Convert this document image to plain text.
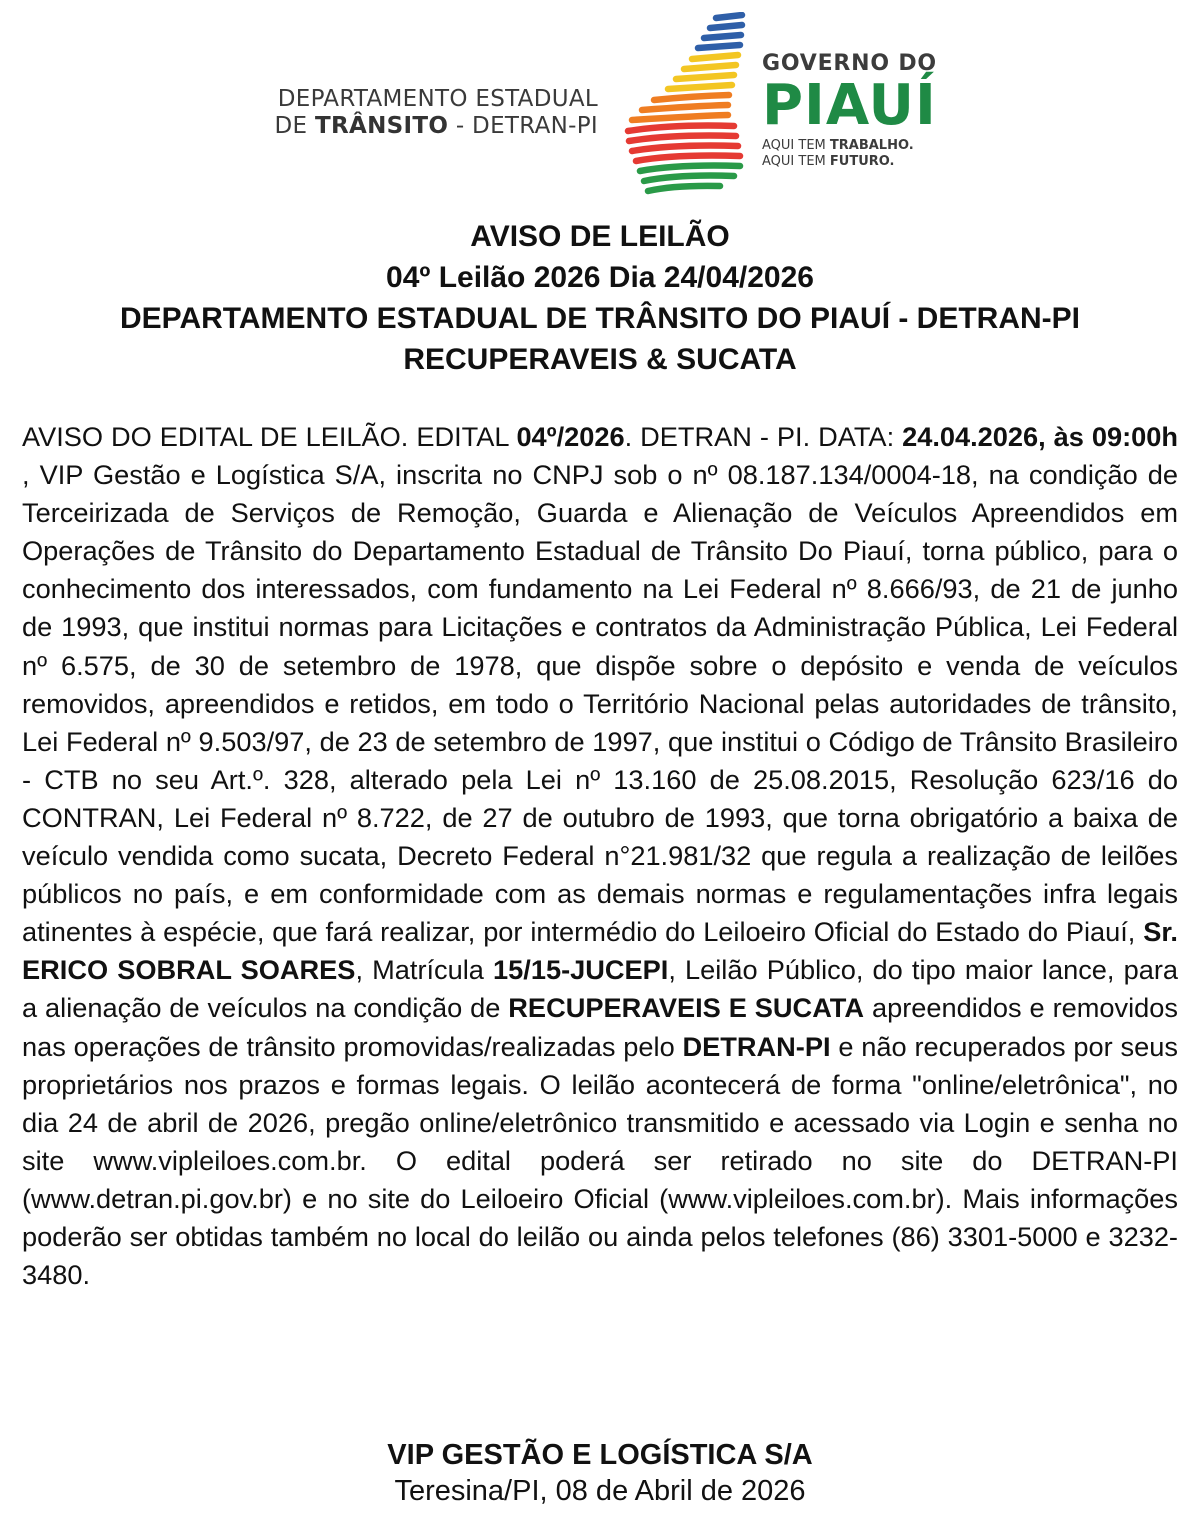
DEPARTAMENTO ESTADUAL
DE TRÂNSITO - DETRAN-PI
GOVERNO DO
PIAUÍ
AQUI TEM TRABALHO.
AQUI TEM FUTURO.
AVISO DE LEILÃO
04º Leilão 2026 Dia 24/04/2026
DEPARTAMENTO ESTADUAL DE TRÂNSITO DO PIAUÍ - DETRAN-PI
RECUPERAVEIS & SUCATA
AVISO DO EDITAL DE LEILÃO. EDITAL 04º/2026. DETRAN - PI. DATA: 24.04.2026, às 09:00h , VIP Gestão e Logística S/A, inscrita no CNPJ sob o nº 08.187.134/0004-18, na condição de Terceirizada de Serviços de Remoção, Guarda e Alienação de Veículos Apreendidos em Operações de Trânsito do Departamento Estadual de Trânsito Do Piauí, torna público, para o conhecimento dos interessados, com fundamento na Lei Federal nº 8.666/93, de 21 de junho de 1993, que institui normas para Licitações e contratos da Administração Pública, Lei Federal nº 6.575, de 30 de setembro de 1978, que dispõe sobre o depósito e venda de veículos removidos, apreendidos e retidos, em todo o Território Nacional pelas autoridades de trânsito, Lei Federal nº 9.503/97, de 23 de setembro de 1997, que institui o Código de Trânsito Brasileiro - CTB no seu Art.º. 328, alterado pela Lei nº 13.160 de 25.08.2015, Resolução 623/16 do CONTRAN, Lei Federal nº 8.722, de 27 de outubro de 1993, que torna obrigatório a baixa de veículo vendida como sucata, Decreto Federal n°21.981/32 que regula a realização de leilões públicos no país, e em conformidade com as demais normas e regulamentações infra legais atinentes à espécie, que fará realizar, por intermédio do Leiloeiro Oficial do Estado do Piauí, Sr. ERICO SOBRAL SOARES, Matrícula 15/15-JUCEPI, Leilão Público, do tipo maior lance, para a alienação de veículos na condição de RECUPERAVEIS E SUCATA apreendidos e removidos nas operações de trânsito promovidas/realizadas pelo DETRAN-PI e não recuperados por seus proprietários nos prazos e formas legais. O leilão acontecerá de forma "online/eletrônica", no dia 24 de abril de 2026, pregão online/eletrônico transmitido e acessado via Login e senha no site www.vipleiloes.com.br. O edital poderá ser retirado no site do DETRAN-PI (www.detran.pi.gov.br) e no site do Leiloeiro Oficial (www.vipleiloes.com.br). Mais informações poderão ser obtidas também no local do leilão ou ainda pelos telefones (86) 3301-5000 e 3232-3480.
VIP GESTÃO E LOGÍSTICA S/A
Teresina/PI, 08 de Abril de 2026
